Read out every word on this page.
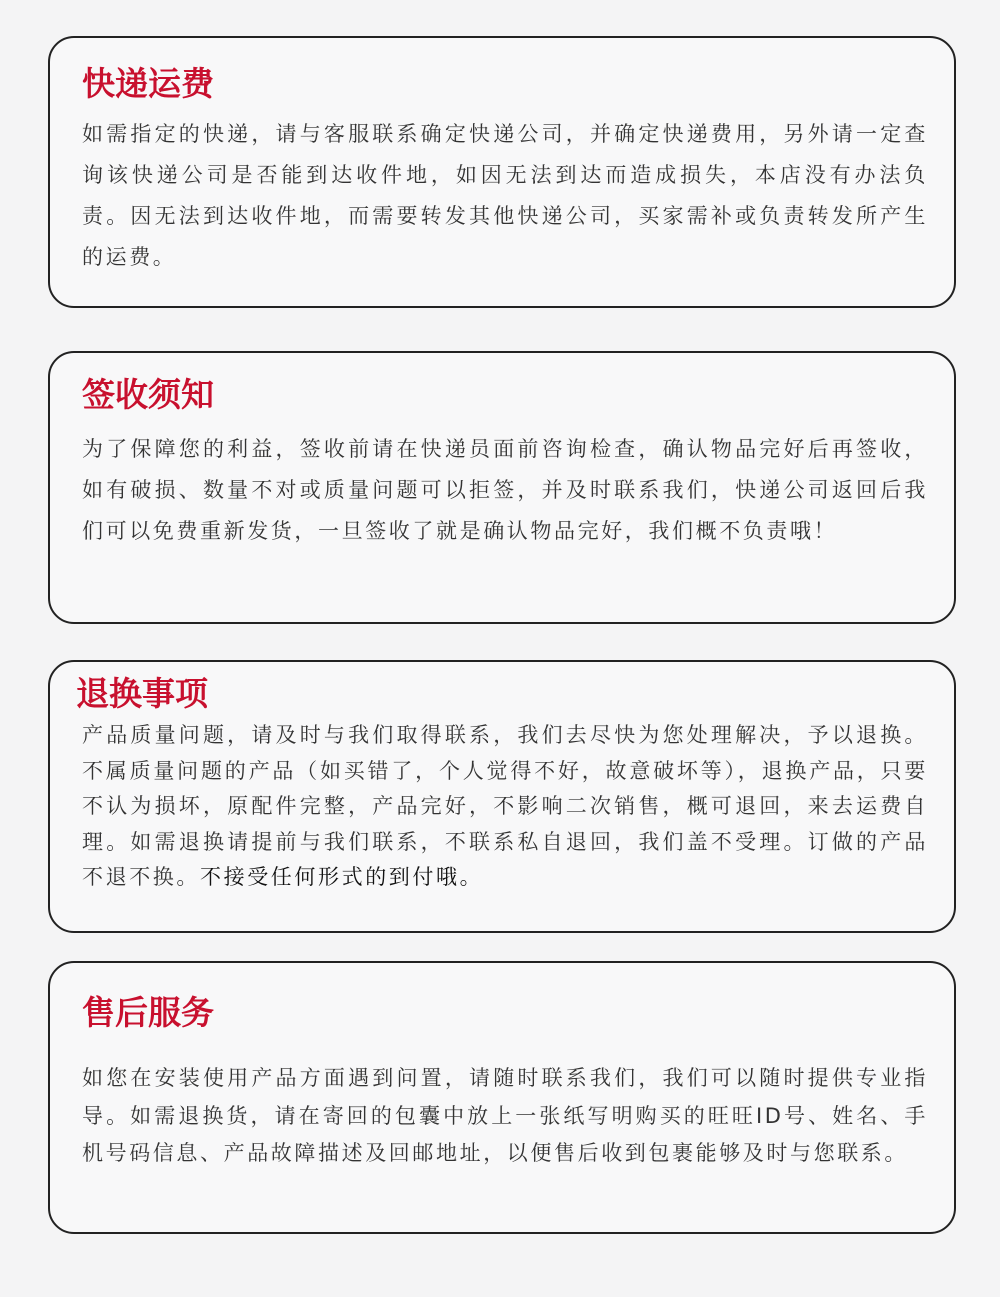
快递运费

如需指定的快递，请与客服联系确定快递公司，并确定快递费用，另外请一定查询该快递公司是否能到达收件地，如因无法到达而造成损失，本店没有办法负责。因无法到达收件地，而需要转发其他快递公司，买家需补或负责转发所产生的运费。

签收须知

为了保障您的利益，签收前请在快递员面前咨询检查，确认物品完好后再签收，如有破损、数量不对或质量问题可以拒签，并及时联系我们，快递公司返回后我们可以免费重新发货，一旦签收了就是确认物品完好，我们概不负责哦！

退换事项

产品质量问题，请及时与我们取得联系，我们去尽快为您处理解决，予以退换。不属质量问题的产品（如买错了，个人觉得不好，故意破坏等），退换产品，只要不认为损坏，原配件完整，产品完好，不影响二次销售，概可退回，来去运费自理。如需退换请提前与我们联系，不联系私自退回，我们盖不受理。订做的产品不退不换。不接受任何形式的到付哦。

售后服务

如您在安装使用产品方面遇到问置，请随时联系我们，我们可以随时提供专业指导。如需退换货，请在寄回的包囊中放上一张纸写明购买的旺旺ID号、姓名、手机号码信息、产品故障描述及回邮地址，以便售后收到包裹能够及时与您联系。
